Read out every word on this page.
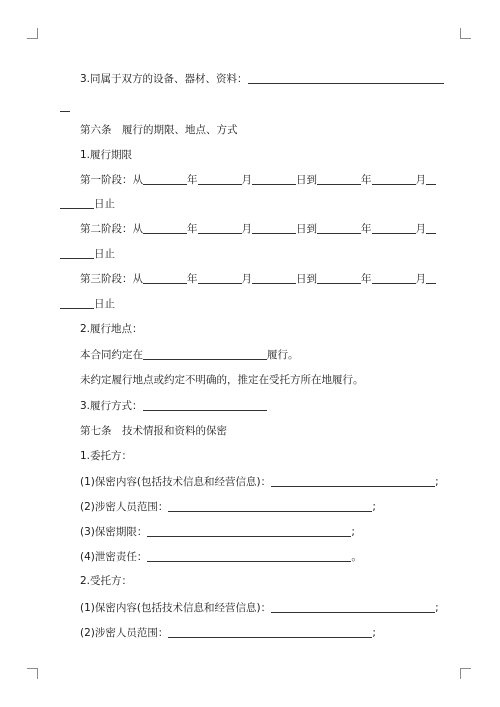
3.同属于双方的设备、器材、资料：
第六条　履行的期限、地点、方式
1.履行期限
第一阶段：从	年	月	日到	年	月
日止
第二阶段：从	年	月	日到	年	月
日止
第三阶段：从	年	月	日到	年	月
日止
2.履行地点：
本合同约定在	履行。
未约定履行地点或约定不明确的，推定在受托方所在地履行。
3.履行方式：
第七条　技术情报和资料的保密
1.委托方：
(1)保密内容(包括技术信息和经营信息)：	;
(2)涉密人员范围：	;
(3)保密期限：	;
(4)泄密责任：	。
2.受托方：
(1)保密内容(包括技术信息和经营信息)：	;
(2)涉密人员范围：	;
